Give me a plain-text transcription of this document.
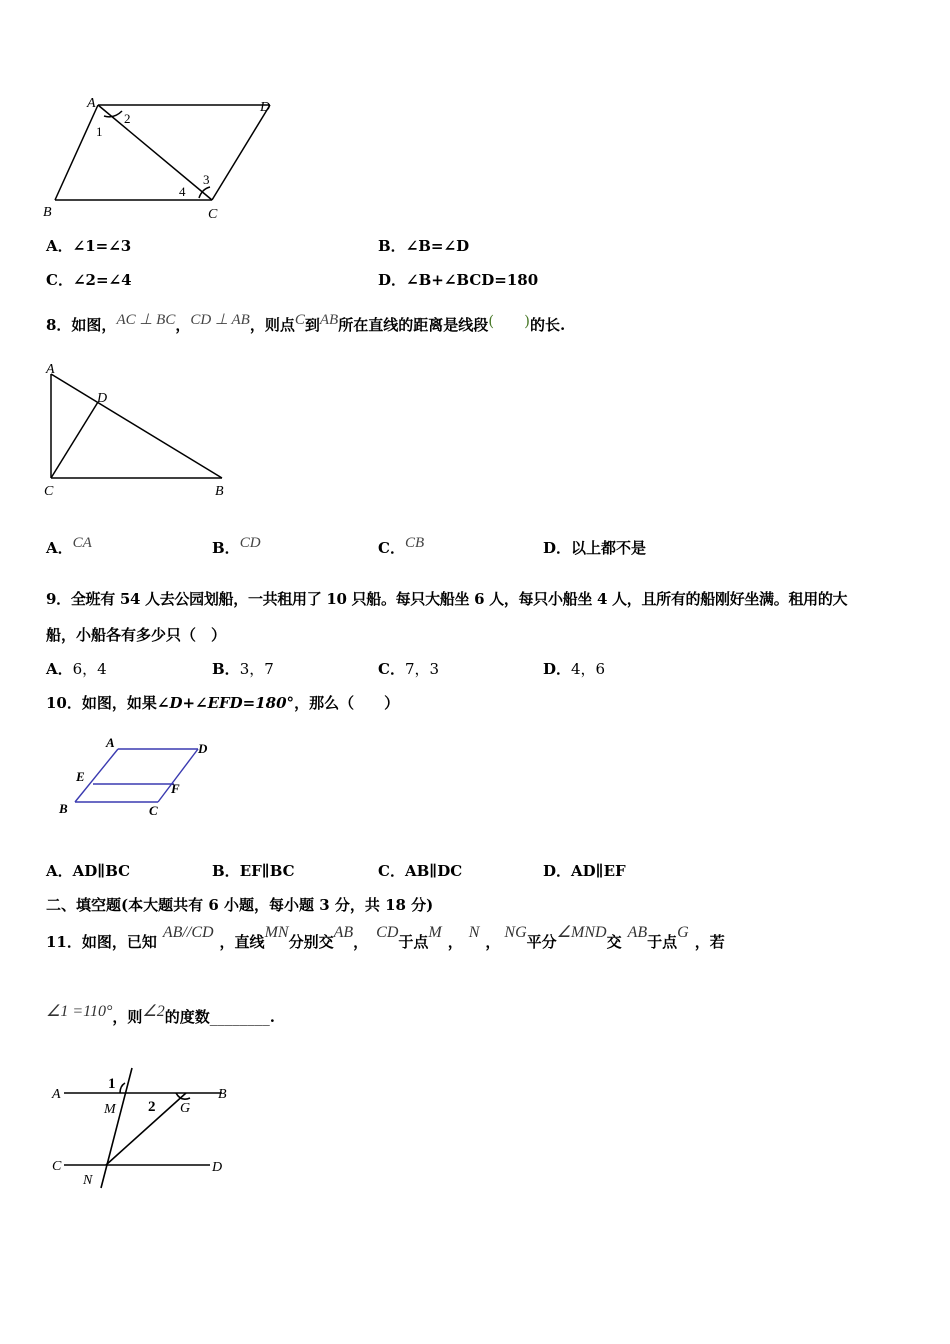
A	D
B	C
1
2
3
4
A．∠1=∠3	B．∠B=∠D
C．∠2=∠4	D．∠B+∠BCD=180
8．如图，AC ⊥ BC，CD ⊥ AB，则点C到AB所在直线的距离是线段(　　)的长.
A
D
C	B
A．CA	B．CD	C．CB	D．以上都不是
9．全班有 54 人去公园划船，一共租用了 10 只船。每只大船坐 6 人，每只小船坐 4 人，且所有的船刚好坐满。租用的大
船，小船各有多少只（　）
A．6，4	B．3，7	C．7，3	D．4，6
10．如图，如果∠D+∠EFD=180°，那么（　　）
A	D
E
F
B	C
A．AD∥BC	B．EF∥BC	C．AB∥DC	D．AD∥EF
二、填空题(本大题共有 6 小题，每小题 3 分，共 18 分)
11．如图，已知AB//CD，直线MN分别交AB，CD于点M，N，NG平分∠MND交AB于点G，若
∠1 =110°，则∠2的度数________.
A	B
C	D
M
N
G
1
2
